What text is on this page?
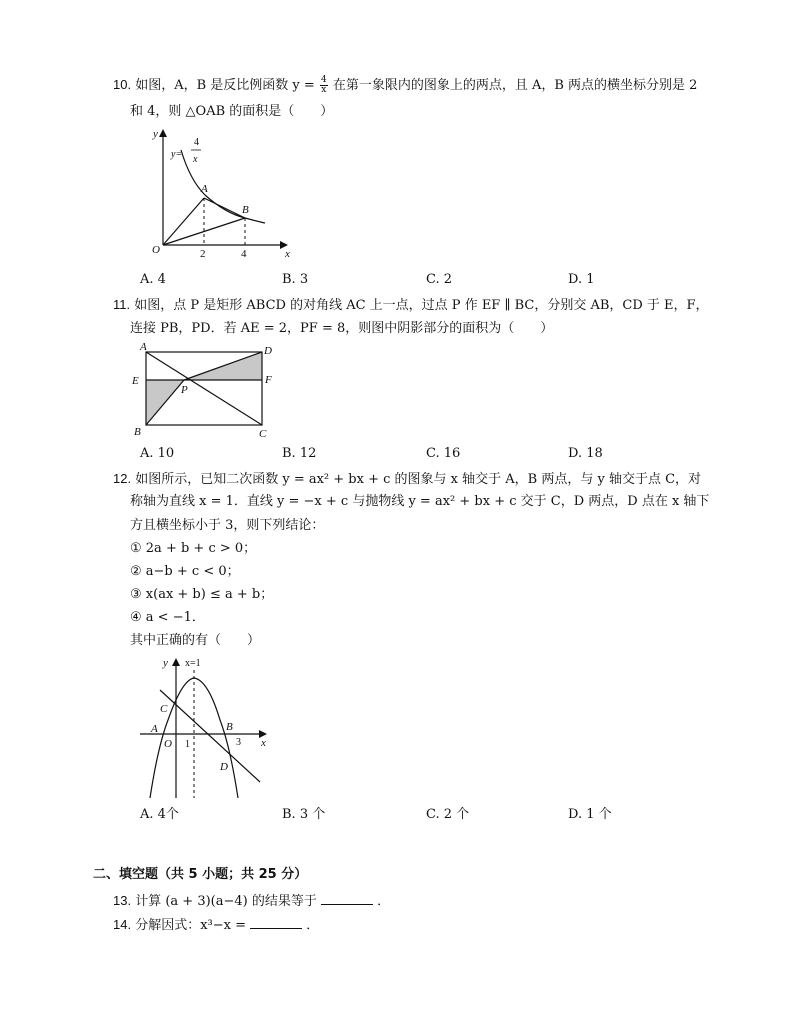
10. 如图，A，B 是反比例函数 $y = \frac{4}{x}$ 在第一象限内的图象上的两点，且 A，B 两点的横坐标分别是 2
和 4，则 △OAB 的面积是（　　）
y
x
O
A
B
2	4
y=
4
x
A. 4	B. 3	C. 2	D. 1
11. 如图，点 P 是矩形 ABCD 的对角线 AC 上一点，过点 P 作 EF ∥ BC，分别交 AB，CD 于 E，F，
连接 PB，PD．若 AE = 2，PF = 8，则图中阴影部分的面积为（　　）
A	D
E	F
P
B	C
A. 10	B. 12	C. 16	D. 18
12. 如图所示，已知二次函数 y = ax² + bx + c 的图象与 x 轴交于 A，B 两点，与 y 轴交于点 C，对
称轴为直线 x = 1．直线 y = −x + c 与抛物线 y = ax² + bx + c 交于 C，D 两点，D 点在 x 轴下
方且横坐标小于 3，则下列结论：
① 2a + b + c > 0；
② a−b + c < 0；
③ x(ax + b) ≤ a + b；
④ a < −1．
其中正确的有（　　）
y
x
x=1
C
A	B
O 1	3
D
A. 4个	B. 3 个	C. 2 个	D. 1 个
二、填空题（共 5 小题；共 25 分）
13. 计算 (a + 3)(a−4) 的结果等于	．
14. 分解因式：x³−x =	．
